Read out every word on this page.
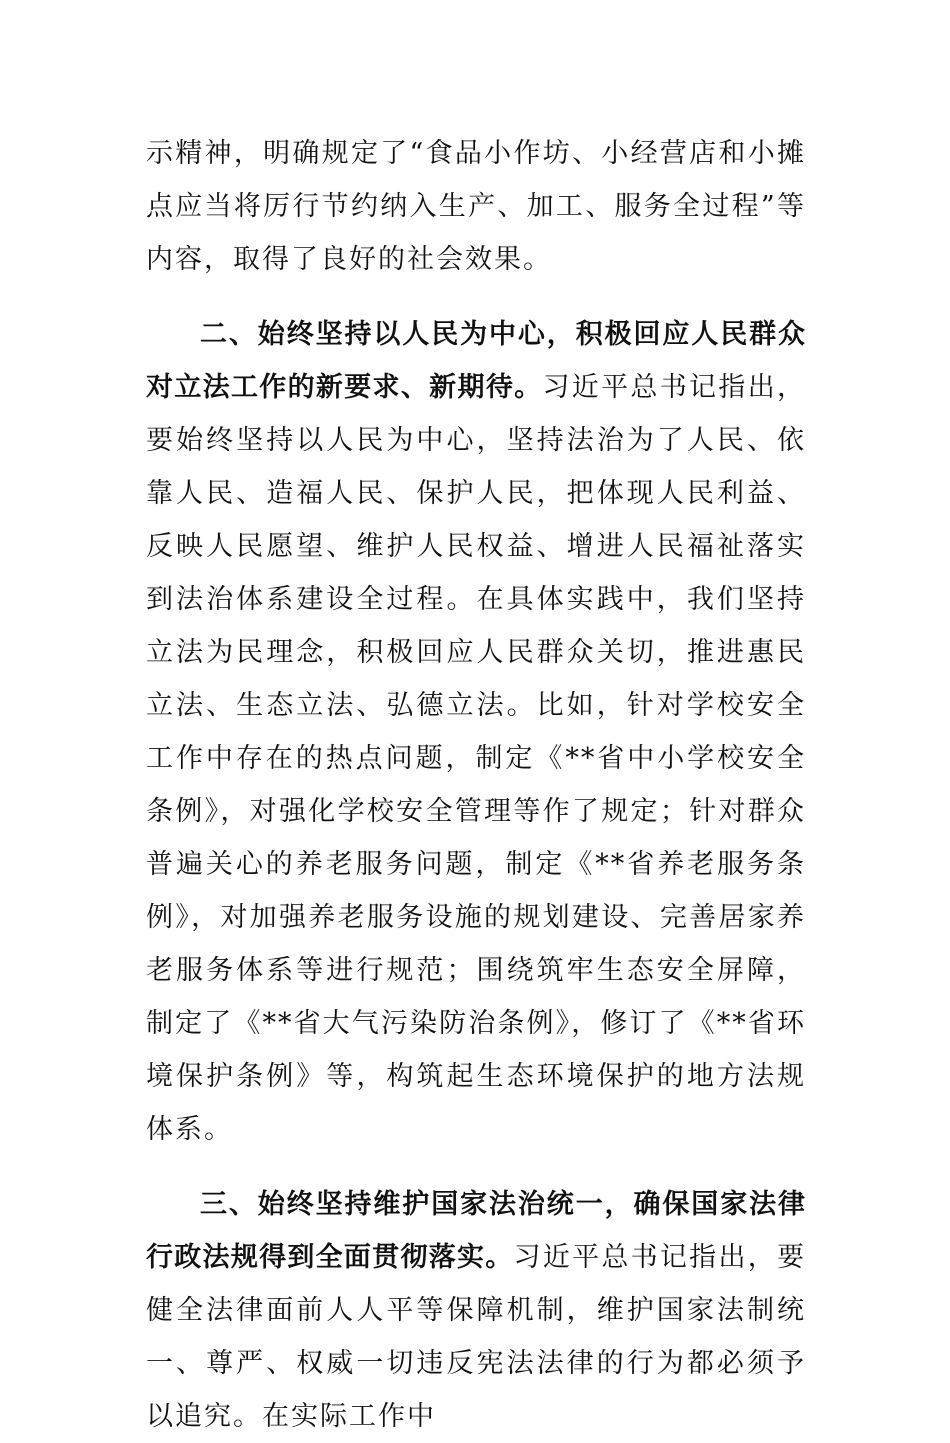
示精神，明确规定了“食品小作坊、小经营店和小摊点应当将厉行节约纳入生产、加工、服务全过程”等内容，取得了良好的社会效果。

二、始终坚持以人民为中心，积极回应人民群众对立法工作的新要求、新期待。习近平总书记指出，要始终坚持以人民为中心，坚持法治为了人民、依靠人民、造福人民、保护人民，把体现人民利益、反映人民愿望、维护人民权益、增进人民福祉落实到法治体系建设全过程。在具体实践中，我们坚持立法为民理念，积极回应人民群众关切，推进惠民立法、生态立法、弘德立法。比如，针对学校安全工作中存在的热点问题，制定《**省中小学校安全条例》，对强化学校安全管理等作了规定；针对群众普遍关心的养老服务问题，制定《**省养老服务条例》，对加强养老服务设施的规划建设、完善居家养老服务体系等进行规范；围绕筑牢生态安全屏障，制定了《**省大气污染防治条例》，修订了《**省环境保护条例》等，构筑起生态环境保护的地方法规体系。

三、始终坚持维护国家法治统一，确保国家法律行政法规得到全面贯彻落实。习近平总书记指出，要健全法律面前人人平等保障机制，维护国家法制统一、尊严、权威一切违反宪法法律的行为都必须予以追究。在实际工作中
